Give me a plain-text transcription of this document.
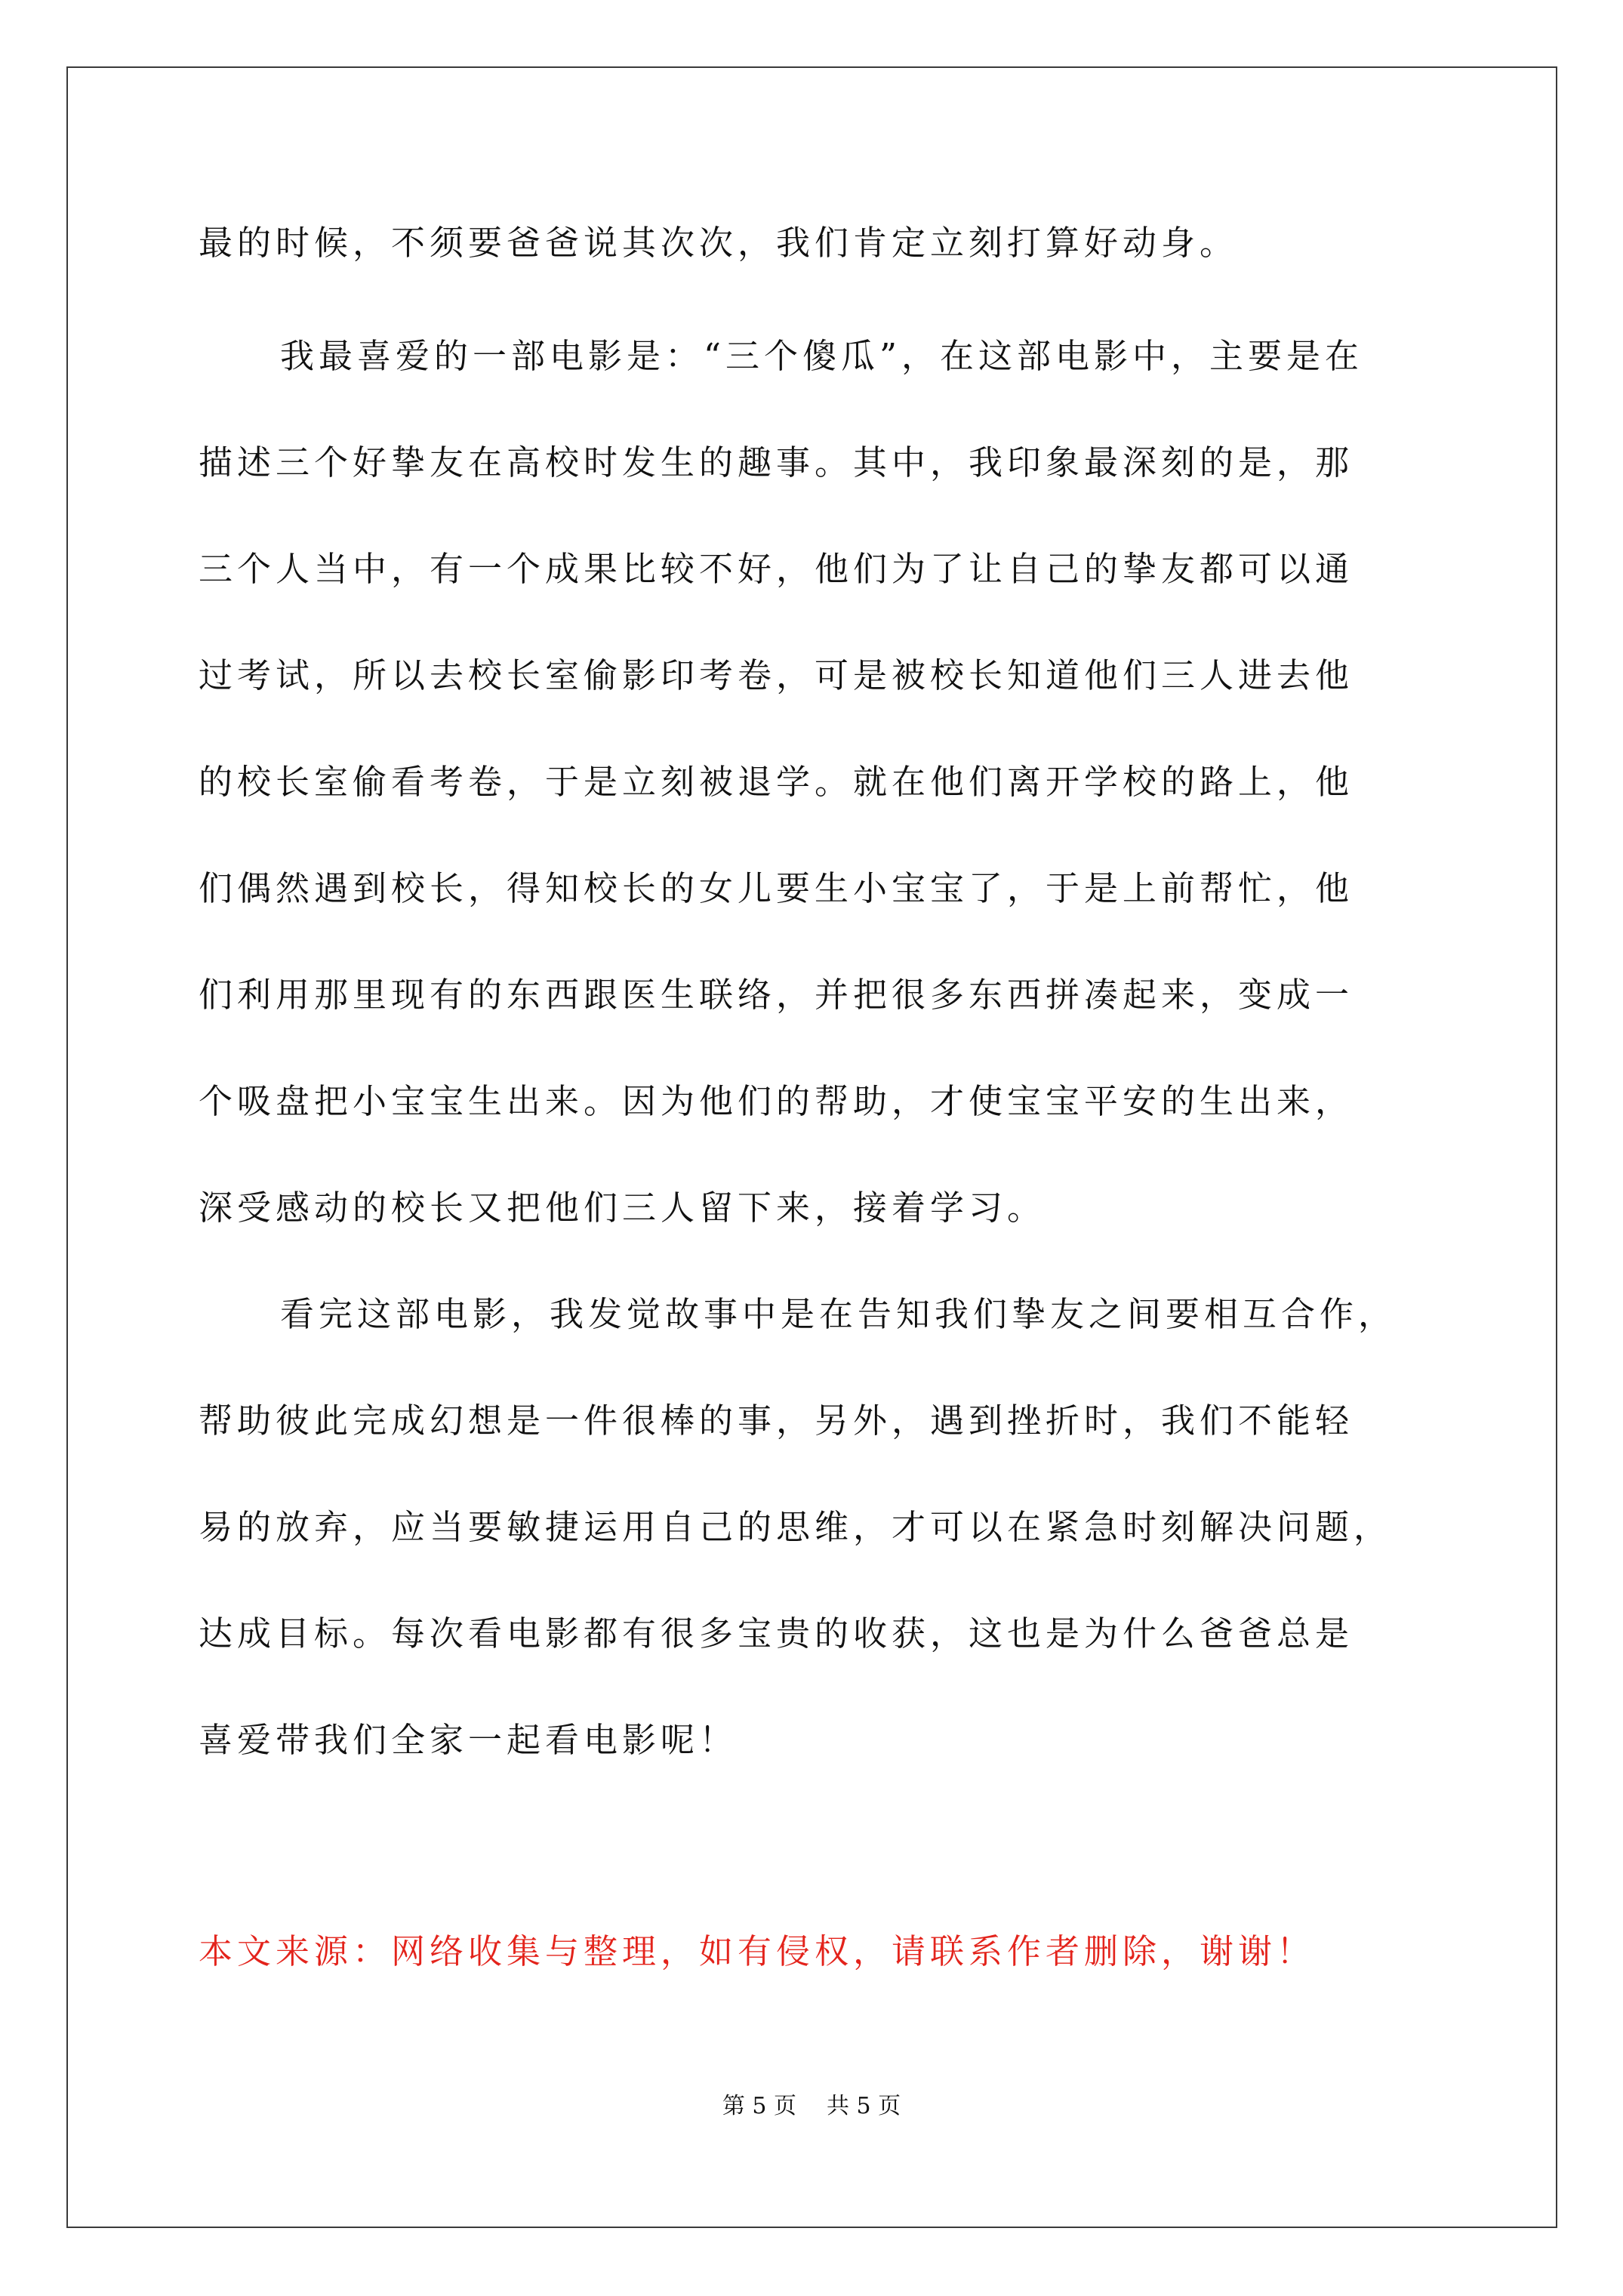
最的时候，不须要爸爸说其次次，我们肯定立刻打算好动身。

我最喜爱的一部电影是：“三个傻瓜”，在这部电影中，主要是在

描述三个好挚友在高校时发生的趣事。其中，我印象最深刻的是，那

三个人当中，有一个成果比较不好，他们为了让自己的挚友都可以通

过考试，所以去校长室偷影印考卷，可是被校长知道他们三人进去他

的校长室偷看考卷，于是立刻被退学。就在他们离开学校的路上，他

们偶然遇到校长，得知校长的女儿要生小宝宝了，于是上前帮忙，他

们利用那里现有的东西跟医生联络，并把很多东西拼凑起来，变成一

个吸盘把小宝宝生出来。因为他们的帮助，才使宝宝平安的生出来，

深受感动的校长又把他们三人留下来，接着学习。

看完这部电影，我发觉故事中是在告知我们挚友之间要相互合作，

帮助彼此完成幻想是一件很棒的事，另外，遇到挫折时，我们不能轻

易的放弃，应当要敏捷运用自己的思维，才可以在紧急时刻解决问题，

达成目标。每次看电影都有很多宝贵的收获，这也是为什么爸爸总是

喜爱带我们全家一起看电影呢！

本文来源：网络收集与整理，如有侵权，请联系作者删除，谢谢！

第 5 页 共 5 页
